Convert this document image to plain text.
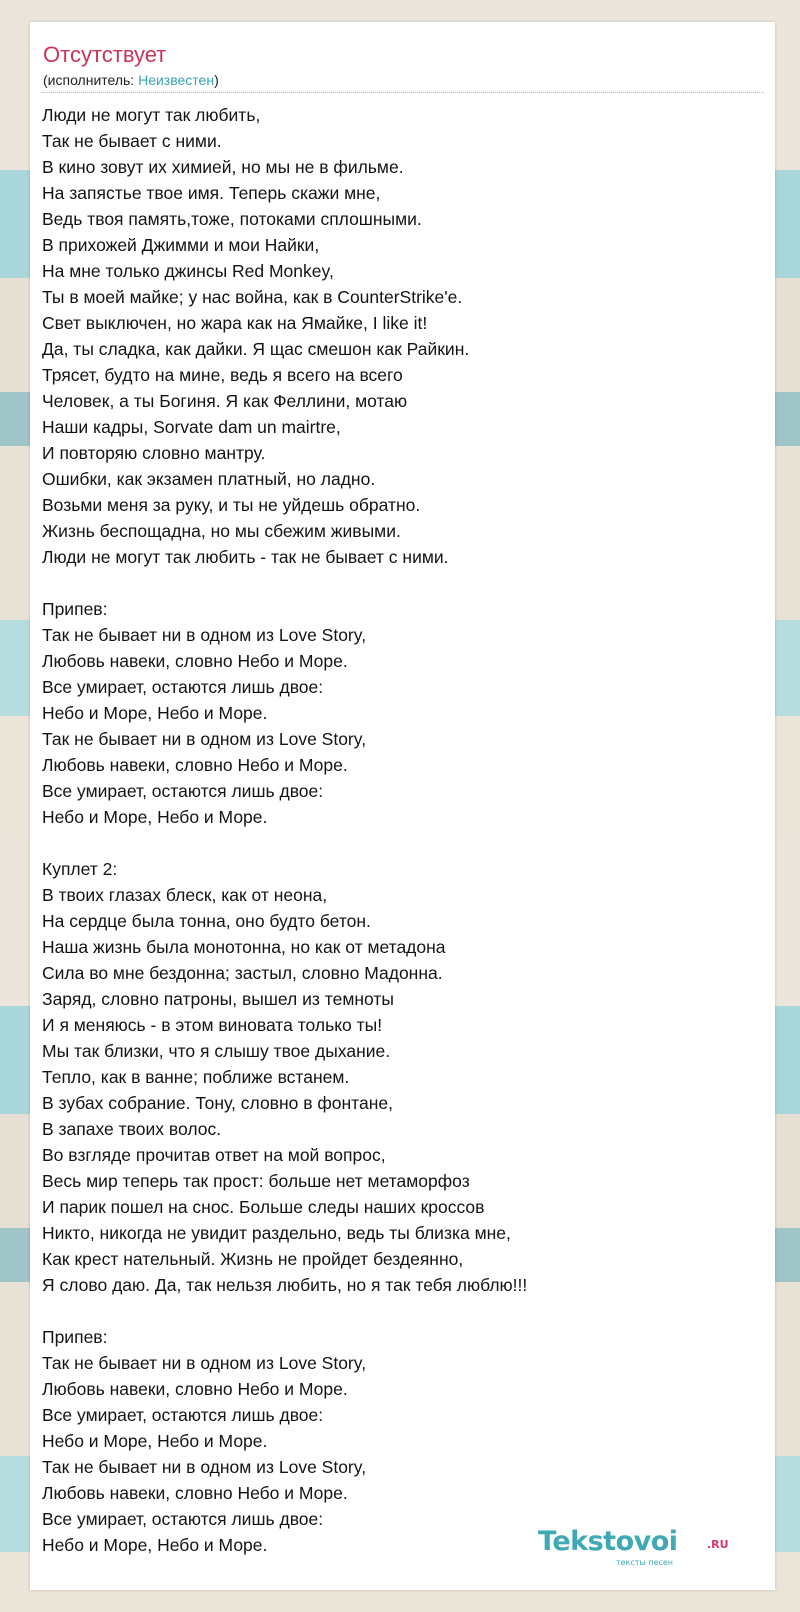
Отсутствует
(исполнитель: Неизвестен)
Люди не могут так любить,
Так не бывает с ними.
В кино зовут их химией, но мы не в фильме.
На запястье твое имя. Теперь скажи мне,
Ведь твоя память,тоже, потоками сплошными.
В прихожей Джимми и мои Найки,
На мне только джинсы Red Monkey,
Ты в моей майке; у нас война, как в CounterStrike'е.
Свет выключен, но жара как на Ямайке, I like it!
Да, ты сладка, как дайки. Я щас смешон как Райкин.
Трясет, будто на мине, ведь я всего на всего
Человек, а ты Богиня. Я как Феллини, мотаю
Наши кадры, Sorvate dam un mairtre,
И повторяю словно мантру.
Ошибки, как экзамен платный, но ладно.
Возьми меня за руку, и ты не уйдешь обратно.
Жизнь беспощадна, но мы сбежим живыми.
Люди не могут так любить - так не бывает с ними.
Припев:
Так не бывает ни в одном из Love Story,
Любовь навеки, словно Небо и Море.
Все умирает, остаются лишь двое:
Небо и Море, Небо и Море.
Так не бывает ни в одном из Love Story,
Любовь навеки, словно Небо и Море.
Все умирает, остаются лишь двое:
Небо и Море, Небо и Море.
Куплет 2:
В твоих глазах блеск, как от неона,
На сердце была тонна, оно будто бетон.
Наша жизнь была монотонна, но как от метадона
Сила во мне бездонна; застыл, словно Мадонна.
Заряд, словно патроны, вышел из темноты
И я меняюсь - в этом виновата только ты!
Мы так близки, что я слышу твое дыхание.
Тепло, как в ванне; поближе встанем.
В зубах собрание. Тону, словно в фонтане,
В запахе твоих волос.
Во взгляде прочитав ответ на мой вопрос,
Весь мир теперь так прост: больше нет метаморфоз
И парик пошел на снос. Больше следы наших кроссов
Никто, никогда не увидит раздельно, ведь ты близка мне,
Как крест нательный. Жизнь не пройдет бездеянно,
Я слово даю. Да, так нельзя любить, но я так тебя люблю!!!
Припев:
Так не бывает ни в одном из Love Story,
Любовь навеки, словно Небо и Море.
Все умирает, остаются лишь двое:
Небо и Море, Небо и Море.
Так не бывает ни в одном из Love Story,
Любовь навеки, словно Небо и Море.
Все умирает, остаются лишь двое:
Небо и Море, Небо и Море.	Tekstovoi	.RU
тексты песен
